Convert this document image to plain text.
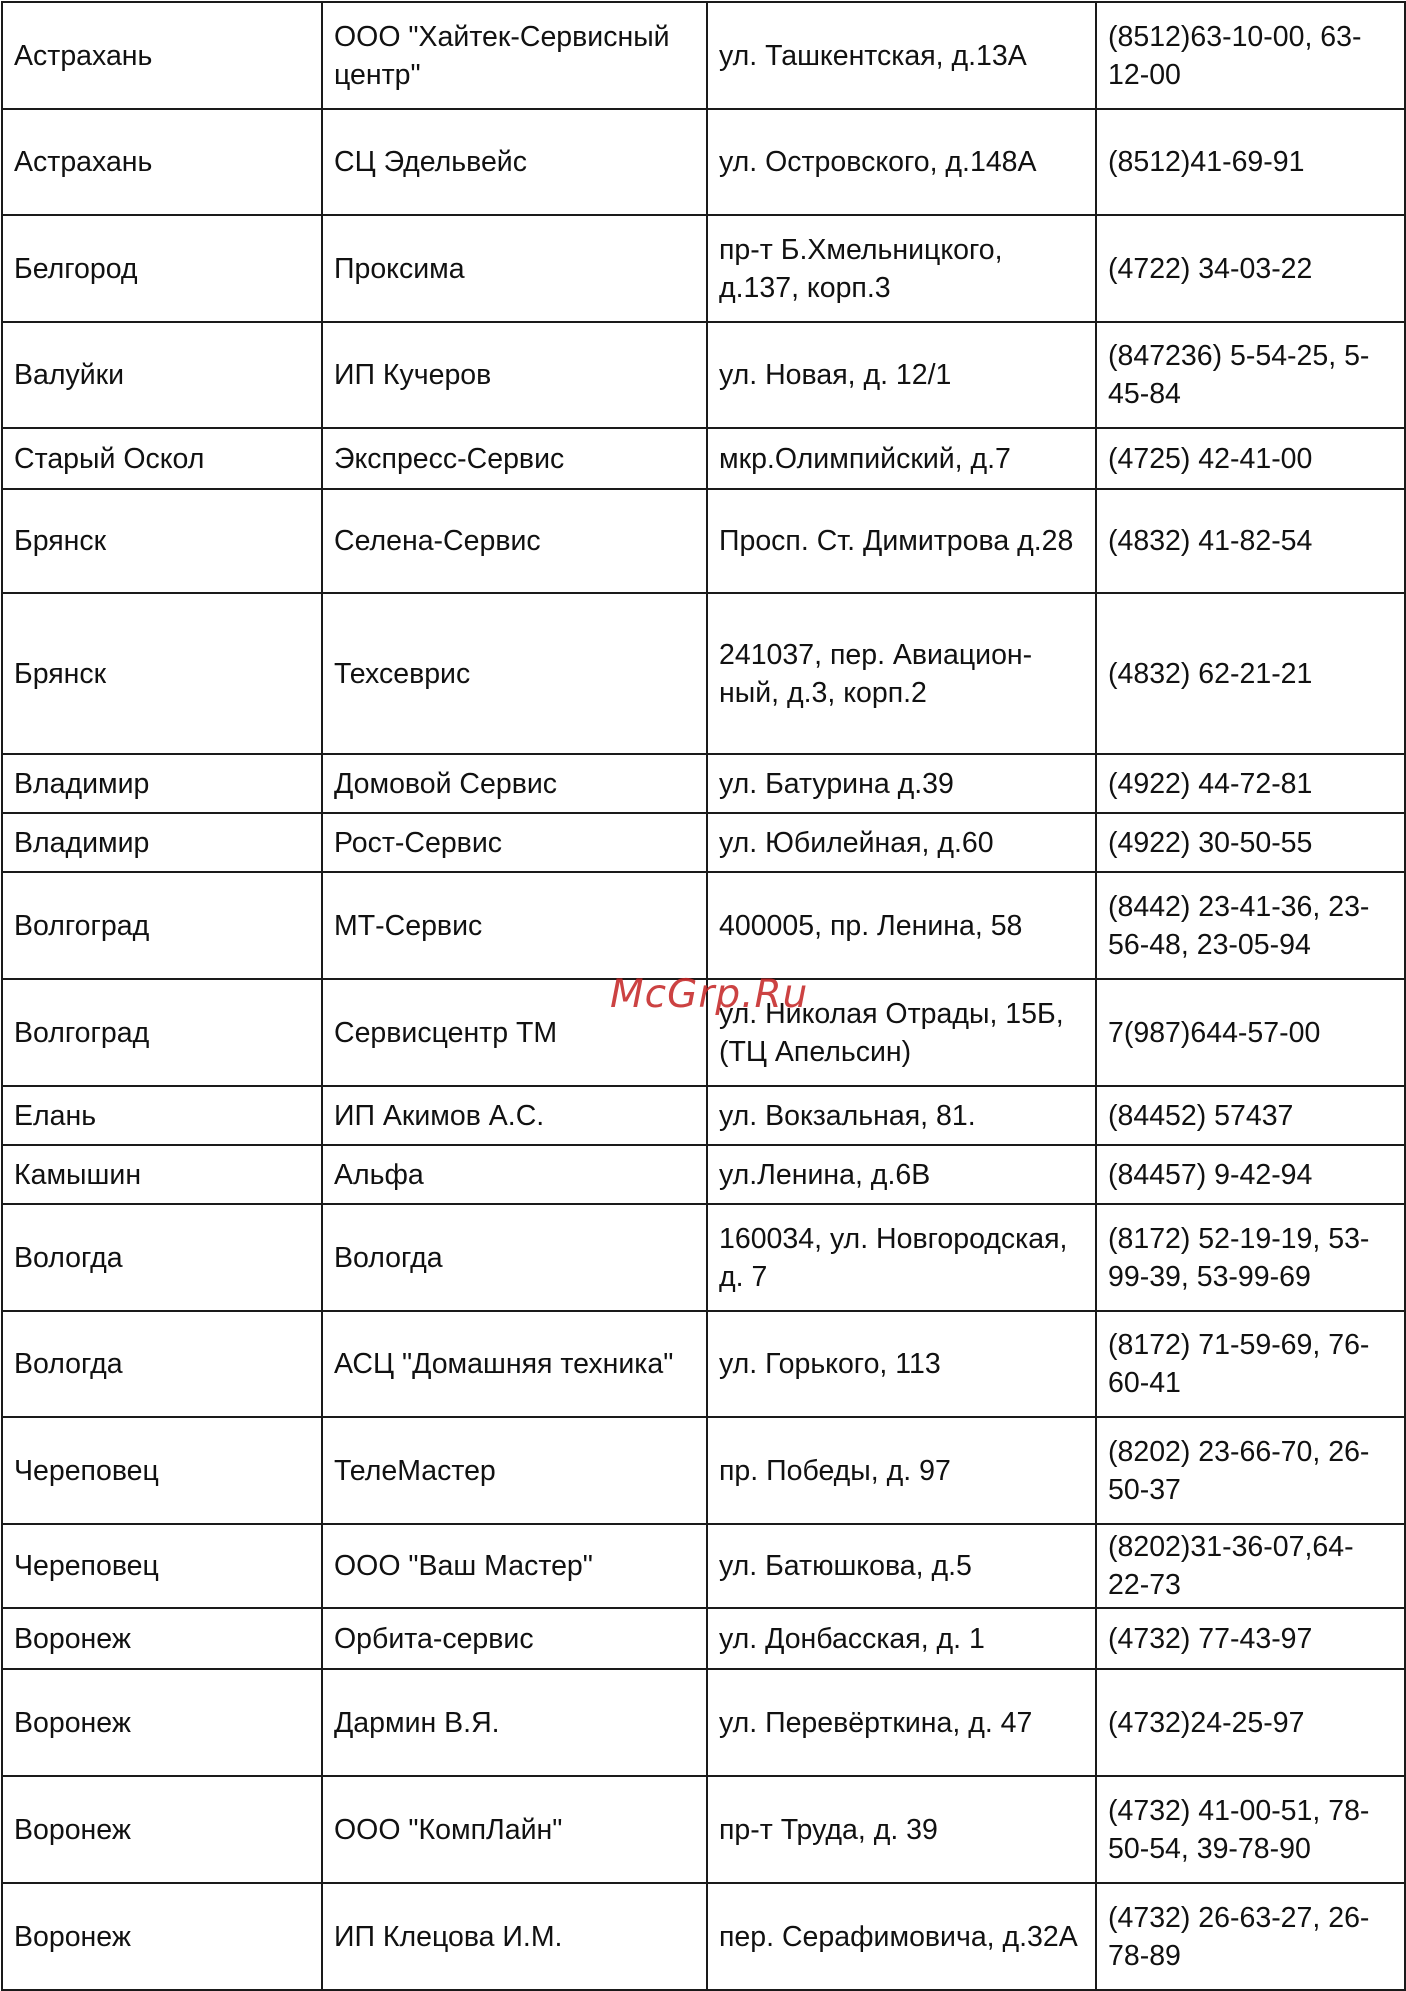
Астрахань	ООО "Хайтек-Сервисный центр"	ул. Ташкентская, д.13А	(8512)63-10-00, 63-12-00
Астрахань	СЦ Эдельвейс	ул. Островского, д.148А	(8512)41-69-91
Белгород	Проксима	пр-т Б.Хмельницкого, д.137, корп.3	(4722) 34-03-22
Валуйки	ИП Кучеров	ул. Новая, д. 12/1	(847236) 5-54-25, 5-45-84
Старый Оскол	Экспресс-Сервис	мкр.Олимпийский, д.7	(4725) 42-41-00
Брянск	Селена-Сервис	Просп. Ст. Димитрова д.28	(4832) 41-82-54
Брянск	Техсеврис	241037, пер. Авиацион-ный, д.3, корп.2	(4832) 62-21-21
Владимир	Домовой Сервис	ул. Батурина д.39	(4922) 44-72-81
Владимир	Рост-Сервис	ул. Юбилейная, д.60	(4922) 30-50-55
Волгоград	МТ-Сервис	400005, пр. Ленина, 58	(8442) 23-41-36, 23-56-48, 23-05-94
Волгоград	Сервисцентр ТМ	ул. Николая Отрады, 15Б, (ТЦ Апельсин)	7(987)644-57-00
Елань	ИП Акимов А.С.	ул. Вокзальная, 81.	(84452) 57437
Камышин	Альфа	ул.Ленина, д.6В	(84457) 9-42-94
Вологда	Вологда	160034, ул. Новгородская, д. 7	(8172) 52-19-19, 53-99-39, 53-99-69
Вологда	АСЦ "Домашняя техника"	ул. Горького, 113	(8172) 71-59-69, 76-60-41
Череповец	ТелеМастер	пр. Победы, д. 97	(8202) 23-66-70, 26-50-37
Череповец	ООО "Ваш Мастер"	ул. Батюшкова, д.5	(8202)31-36-07,64-22-73
Воронеж	Орбита-сервис	ул. Донбасская, д. 1	(4732) 77-43-97
Воронеж	Дармин В.Я.	ул. Перевёрткина, д. 47	(4732)24-25-97
Воронеж	ООО "КомпЛайн"	пр-т Труда, д. 39	(4732) 41-00-51, 78-50-54, 39-78-90
Воронеж	ИП Клецова И.М.	пер. Серафимовича, д.32А	(4732) 26-63-27, 26-78-89
McGrp.Ru
